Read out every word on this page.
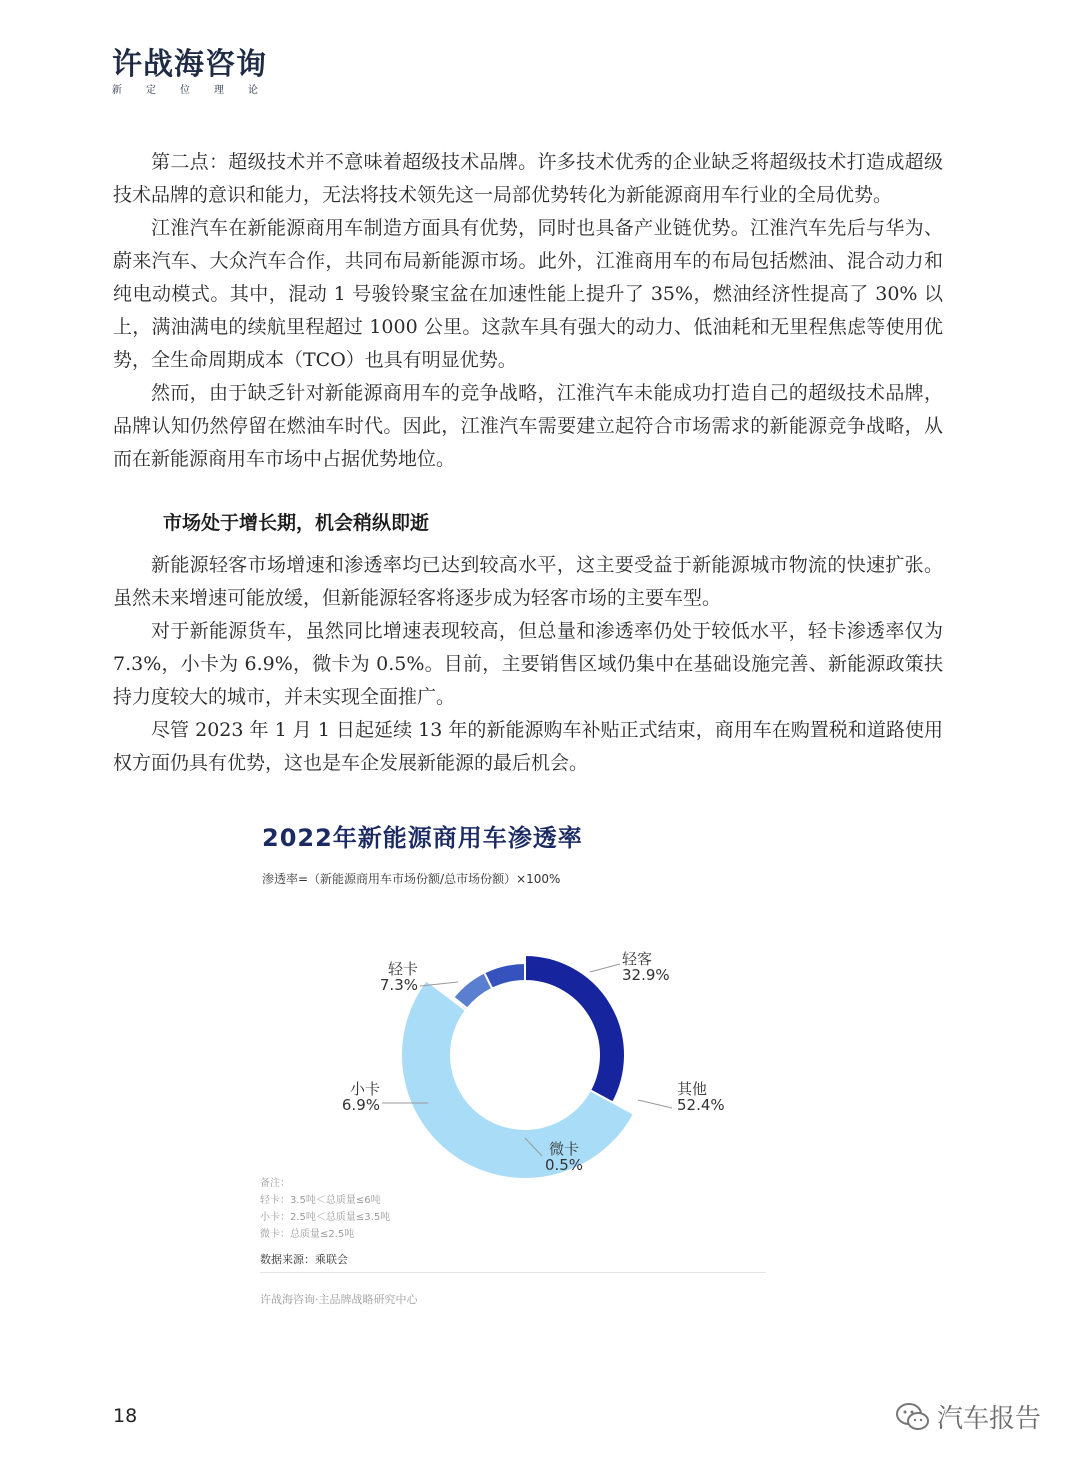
许战海咨询
新定位理论

第二点：超级技术并不意味着超级技术品牌。许多技术优秀的企业缺乏将超级技术打造成超级技术品牌的意识和能力，无法将技术领先这一局部优势转化为新能源商用车行业的全局优势。

江淮汽车在新能源商用车制造方面具有优势，同时也具备产业链优势。江淮汽车先后与华为、蔚来汽车、大众汽车合作，共同布局新能源市场。此外，江淮商用车的布局包括燃油、混合动力和纯电动模式。其中，混动 1 号骏铃聚宝盆在加速性能上提升了 35%，燃油经济性提高了 30% 以上，满油满电的续航里程超过 1000 公里。这款车具有强大的动力、低油耗和无里程焦虑等使用优势，全生命周期成本（TCO）也具有明显优势。

然而，由于缺乏针对新能源商用车的竞争战略，江淮汽车未能成功打造自己的超级技术品牌，品牌认知仍然停留在燃油车时代。因此，江淮汽车需要建立起符合市场需求的新能源竞争战略，从而在新能源商用车市场中占据优势地位。

市场处于增长期，机会稍纵即逝

新能源轻客市场增速和渗透率均已达到较高水平，这主要受益于新能源城市物流的快速扩张。虽然未来增速可能放缓，但新能源轻客将逐步成为轻客市场的主要车型。

对于新能源货车，虽然同比增速表现较高，但总量和渗透率仍处于较低水平，轻卡渗透率仅为 7.3%，小卡为 6.9%，微卡为 0.5%。目前，主要销售区域仍集中在基础设施完善、新能源政策扶持力度较大的城市，并未实现全面推广。

尽管 2023 年 1 月 1 日起延续 13 年的新能源购车补贴正式结束，商用车在购置税和道路使用权方面仍具有优势，这也是车企发展新能源的最后机会。

2022年新能源商用车渗透率
渗透率=（新能源商用车市场份额/总市场份额）×100%
轻客
32.9%
其他
52.4%
微卡
0.5%
小卡
6.9%
轻卡
7.3%
备注：
轻卡：3.5吨＜总质量≤6吨
小卡：2.5吨＜总质量≤3.5吨
微卡：总质量≤2.5吨
数据来源：乘联会
许战海咨询·主品牌战略研究中心
18	汽车报告
